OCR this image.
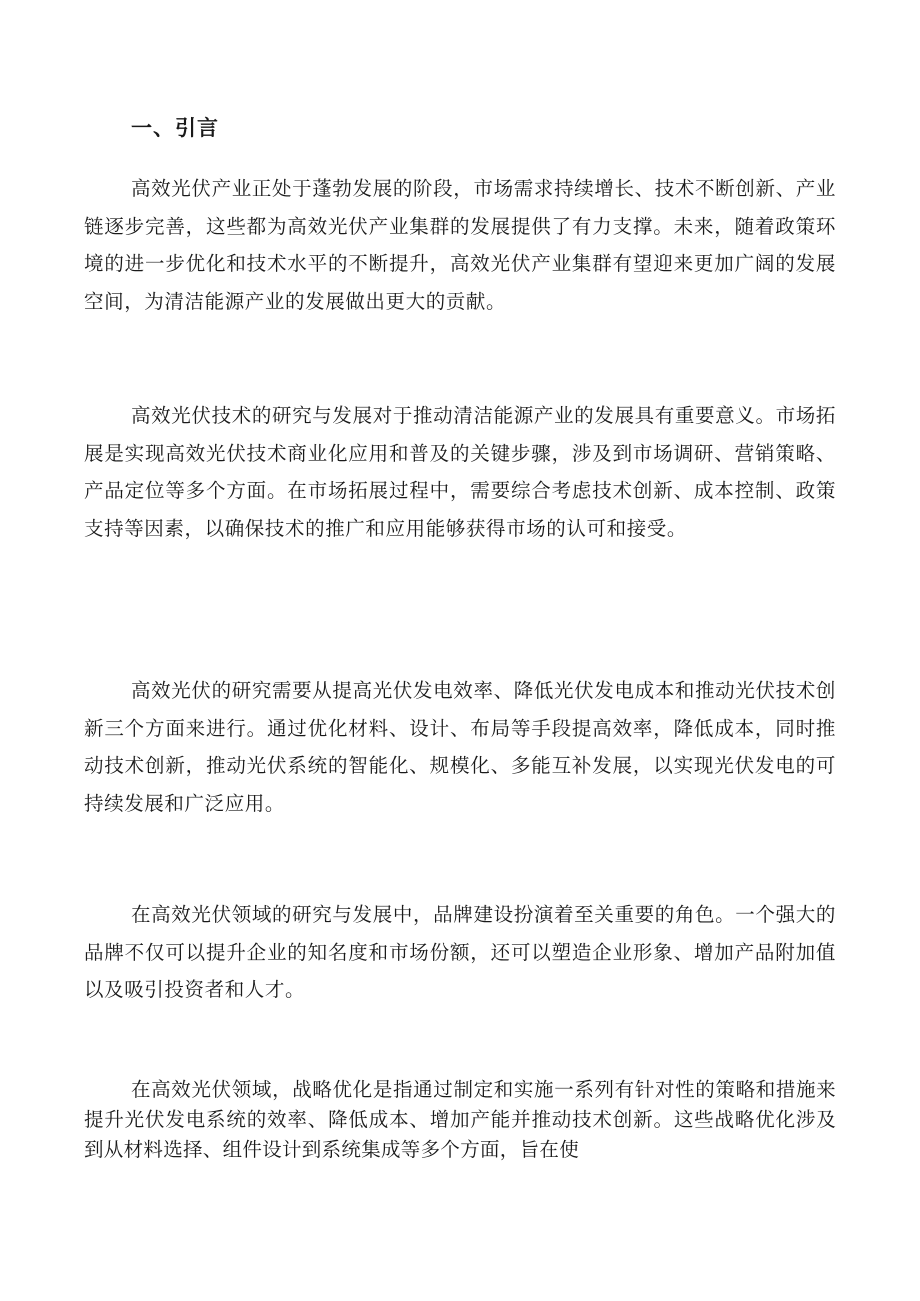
一、引言

高效光伏产业正处于蓬勃发展的阶段，市场需求持续增长、技术不断创新、产业链逐步完善，这些都为高效光伏产业集群的发展提供了有力支撑。未来，随着政策环境的进一步优化和技术水平的不断提升，高效光伏产业集群有望迎来更加广阔的发展空间，为清洁能源产业的发展做出更大的贡献。

高效光伏技术的研究与发展对于推动清洁能源产业的发展具有重要意义。市场拓展是实现高效光伏技术商业化应用和普及的关键步骤，涉及到市场调研、营销策略、产品定位等多个方面。在市场拓展过程中，需要综合考虑技术创新、成本控制、政策支持等因素，以确保技术的推广和应用能够获得市场的认可和接受。

高效光伏的研究需要从提高光伏发电效率、降低光伏发电成本和推动光伏技术创新三个方面来进行。通过优化材料、设计、布局等手段提高效率，降低成本，同时推动技术创新，推动光伏系统的智能化、规模化、多能互补发展，以实现光伏发电的可持续发展和广泛应用。

在高效光伏领域的研究与发展中，品牌建设扮演着至关重要的角色。一个强大的品牌不仅可以提升企业的知名度和市场份额，还可以塑造企业形象、增加产品附加值以及吸引投资者和人才。

在高效光伏领域，战略优化是指通过制定和实施一系列有针对性的策略和措施来提升光伏发电系统的效率、降低成本、增加产能并推动技术创新。这些战略优化涉及到从材料选择、组件设计到系统集成等多个方面，旨在使
